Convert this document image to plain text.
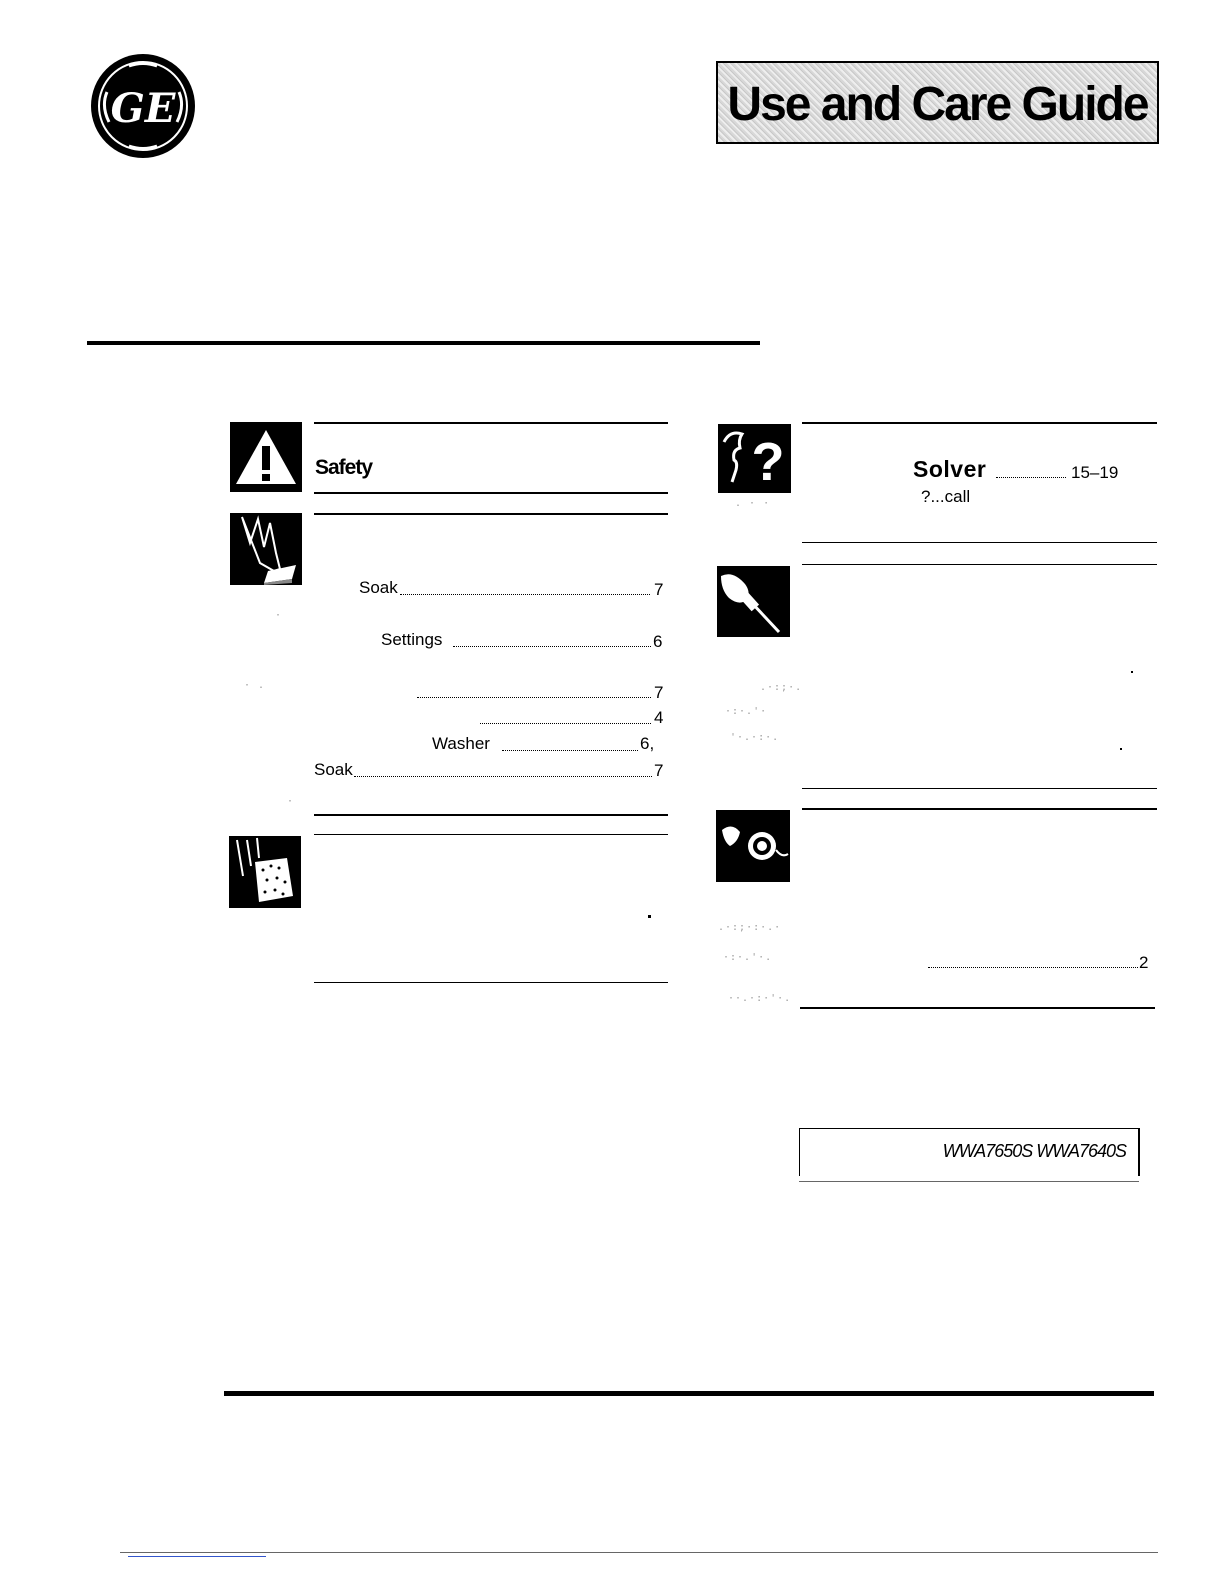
GE	Use and Care Guide
Safety
Soak	7
Settings	6
7
4
Washer	6,
Soak	7
· .
·
·
?	Solver	15–19
?...call
. · ·
.·:;·.
·:·.'·
'·.·:·.
.·:;·:·.·
·:·.'·.
··.·:·'·.
2
WWA7650S WWA7640S
